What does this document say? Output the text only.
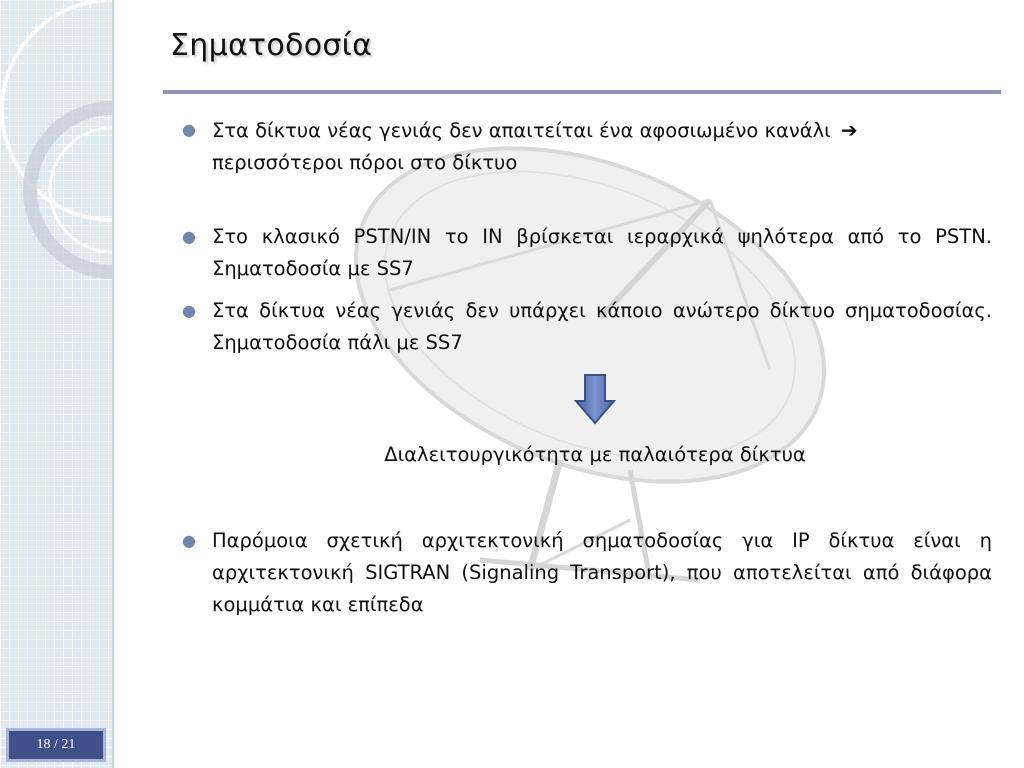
Σηματοδοσία
● Στα δίκτυα νέας γενιάς δεν απαιτείται ένα αφοσιωμένο κανάλι ➔
περισσότεροι πόροι στο δίκτυο
● Στο κλασικό PSTN/IN το IN βρίσκεται ιεραρχικά ψηλότερα από το PSTN. Σηματοδοσία με SS7
● Στα δίκτυα νέας γενιάς δεν υπάρχει κάποιο ανώτερο δίκτυο σηματοδοσίας. Σηματοδοσία πάλι με SS7
Διαλειτουργικότητα με παλαιότερα δίκτυα
● Παρόμοια σχετική αρχιτεκτονική σηματοδοσίας για IP δίκτυα είναι η αρχιτεκτονική SIGTRAN (Signaling Transport), που αποτελείται από διάφορα κομμάτια και επίπεδα
18 / 21
